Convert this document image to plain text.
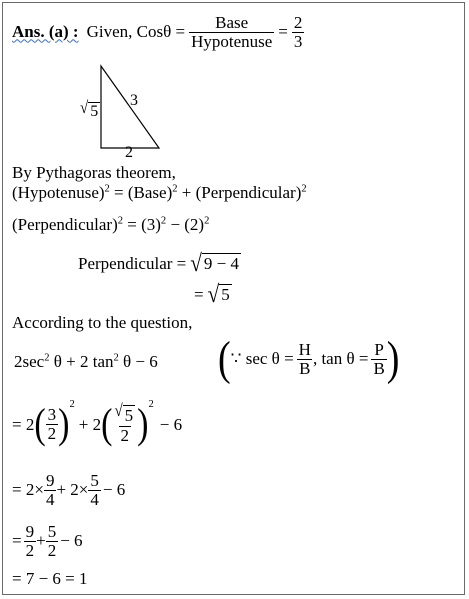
Ans. (a) : Given, $Cos\theta = \frac{\text{Base}}{\text{Hypotenuse}} = \frac{2}{3}$
√ 5
3
2
By Pythagoras theorem,
(Hypotenuse)$^2$ = (Base)$^2$ + (Perpendicular)$^2$
(Perpendicular)$^2$ = $(3)^2 - (2)^2$
Perpendicular = √ 9 − 4
= √ 5
According to the question,
$2\sec^2$ θ + 2 $\tan^2 \theta - 6$ ( ∵ $\sec \theta = \frac{H}{B}$ , $\tan \theta = \frac{P}{B}$ )
= 2 ( $\frac{3}{2}$ ) 2
+ 2 ( $\frac{√ 5}{2}$ ) 2
− 6
= $2\times \frac{9}{4} + 2\times \frac{5}{4} - 6$
= $\frac{9}{2} + \frac{5}{2} - 6$
= 7 − 6 = 1
